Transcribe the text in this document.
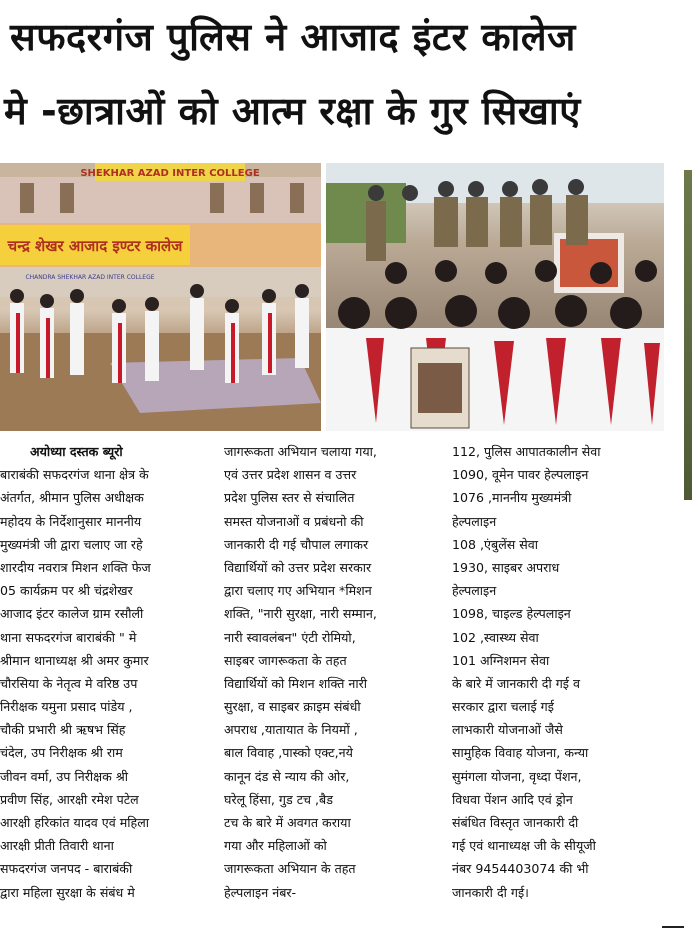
सफदरगंज पुलिस ने आजाद इंटर कालेज
मे -छात्राओं को आत्म रक्षा के गुर सिखाएं
SHEKHAR AZAD INTER COLLEGE
चन्द्र शेखर आजाद इण्टर कालेज
CHANDRA SHEKHAR AZAD INTER COLLEGE
अयोध्या दस्तक ब्यूरो
बाराबंकी सफदरगंज थाना क्षेत्र के
अंतर्गत, श्रीमान पुलिस अधीक्षक
महोदय के निर्देशानुसार माननीय
मुख्यमंत्री जी द्वारा चलाए जा रहे
शारदीय नवरात्र मिशन शक्ति फेज
05 कार्यक्रम पर श्री चंद्रशेखर
आजाद इंटर कालेज ग्राम रसौली
थाना सफदरगंज बाराबंकी " मे
श्रीमान थानाध्यक्ष श्री अमर कुमार
चौरसिया के नेतृत्व मे वरिष्ठ उप
निरीक्षक यमुना प्रसाद पांडेय ,
चौकी प्रभारी श्री ऋषभ सिंह
चंदेल, उप निरीक्षक श्री राम
जीवन वर्मा, उप निरीक्षक श्री
प्रवीण सिंह, आरक्षी रमेश पटेल
आरक्षी हरिकांत यादव एवं महिला
आरक्षी प्रीती तिवारी थाना
सफदरगंज जनपद - बाराबंकी
द्वारा महिला सुरक्षा के संबंध मे
जागरूकता अभियान चलाया गया,
एवं उत्तर प्रदेश शासन व उत्तर
प्रदेश पुलिस स्तर से संचालित
समस्त योजनाओं व प्रबंधनो की
जानकारी दी गई चौपाल लगाकर
विद्यार्थियों को उत्तर प्रदेश सरकार
द्वारा चलाए गए अभियान *मिशन
शक्ति, "नारी सुरक्षा, नारी सम्मान,
नारी स्वावलंबन" एंटी रोमियो,
साइबर जागरूकता के तहत
विद्यार्थियों को मिशन शक्ति नारी
सुरक्षा, व साइबर क्राइम संबंधी
अपराध ,यातायात के नियमों ,
बाल विवाह ,पास्को एक्ट,नये
कानून दंड से न्याय की ओर,
घरेलू हिंसा, गुड टच ,बैड
टच के बारे में अवगत कराया
गया और महिलाओं को
जागरूकता अभियान के तहत
हेल्पलाइन नंबर-
112, पुलिस आपातकालीन सेवा
1090, वूमेन पावर हेल्पलाइन
1076 ,माननीय मुख्यमंत्री
हेल्पलाइन
108 ,एंबुलेंस सेवा
1930, साइबर अपराध
हेल्पलाइन
1098, चाइल्ड हेल्पलाइन
102 ,स्वास्थ्य सेवा
101 अग्निशमन सेवा
के बारे में जानकारी दी गई व
सरकार द्वारा चलाई गई
लाभकारी योजनाओं जैसे
सामुहिक विवाह योजना, कन्या
सुमंगला योजना, वृध्दा पेंशन,
विधवा पेंशन आदि एवं ड्रोन
संबंधित विस्तृत जानकारी दी
गई एवं थानाध्यक्ष जी के सीयूजी
नंबर 9454403074 की भी
जानकारी दी गई।
